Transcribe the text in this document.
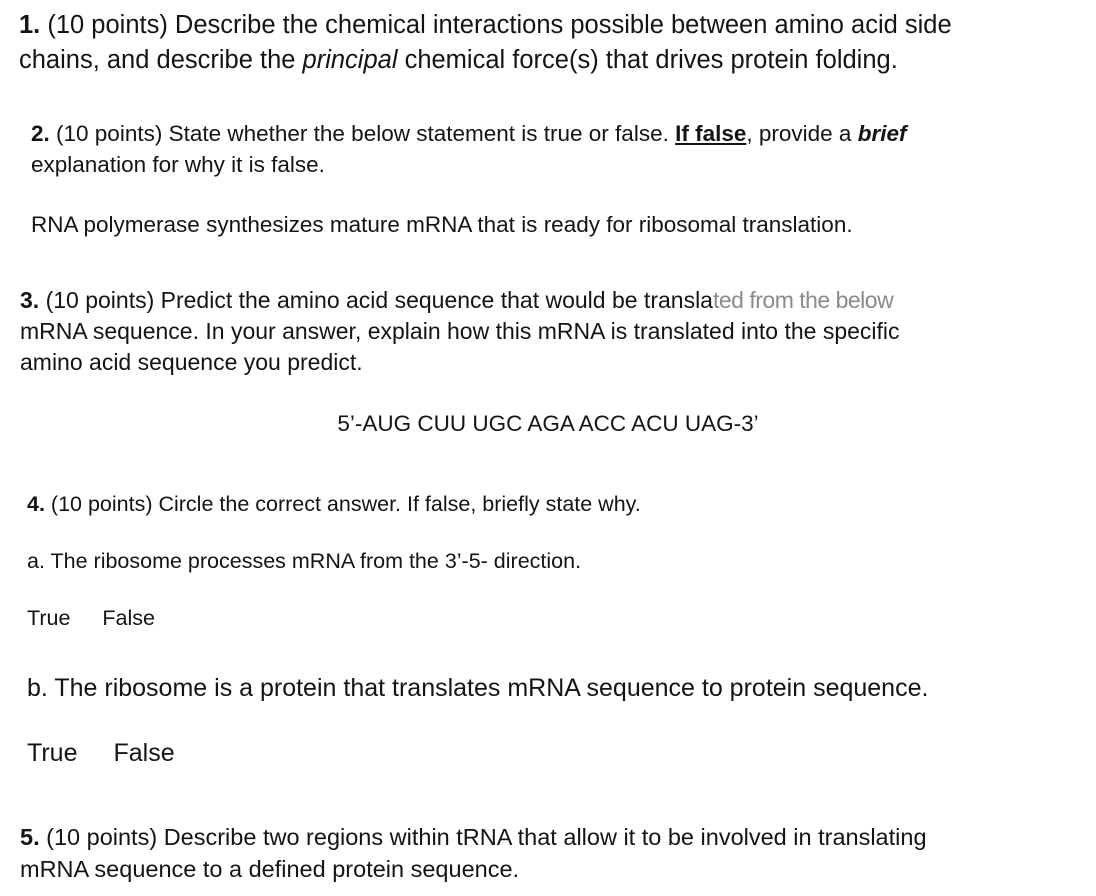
1. (10 points) Describe the chemical interactions possible between amino acid side
chains, and describe the principal chemical force(s) that drives protein folding.
2. (10 points) State whether the below statement is true or false. If false, provide a brief
explanation for why it is false.
RNA polymerase synthesizes mature mRNA that is ready for ribosomal translation.
3. (10 points) Predict the amino acid sequence that would be translated from the below
mRNA sequence. In your answer, explain how this mRNA is translated into the specific
amino acid sequence you predict.
5’-AUG CUU UGC AGA ACC ACU UAG-3’
4. (10 points) Circle the correct answer. If false, briefly state why.
a. The ribosome processes mRNA from the 3’-5- direction.
True False
b. The ribosome is a protein that translates mRNA sequence to protein sequence.
True False
5. (10 points) Describe two regions within tRNA that allow it to be involved in translating
mRNA sequence to a defined protein sequence.
